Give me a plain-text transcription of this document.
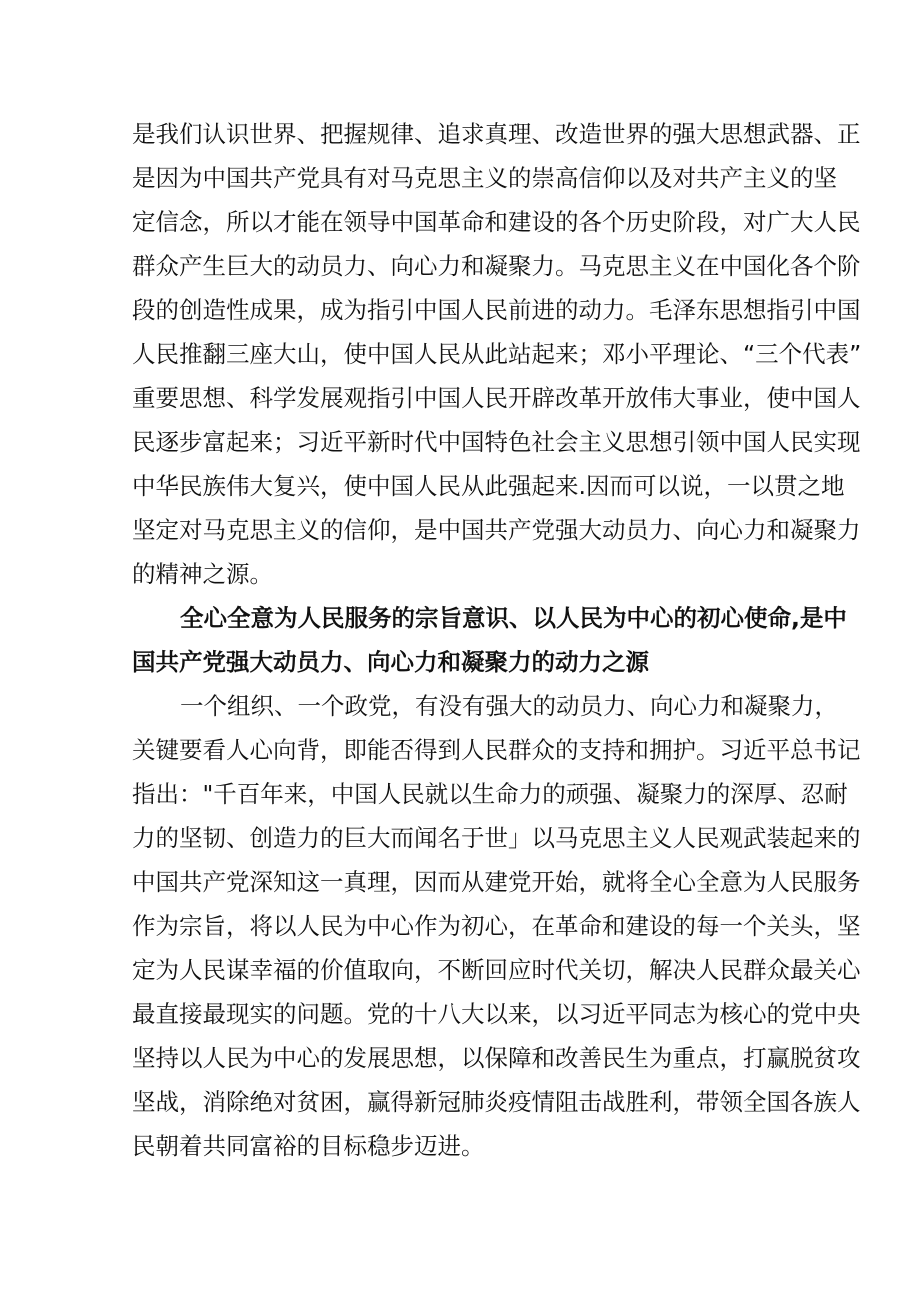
是我们认识世界、把握规律、追求真理、改造世界的强大思想武器、正
是因为中国共产党具有对马克思主义的崇高信仰以及对共产主义的坚
定信念，所以才能在领导中国革命和建设的各个历史阶段，对广大人民
群众产生巨大的动员力、向心力和凝聚力。马克思主义在中国化各个阶
段的创造性成果，成为指引中国人民前进的动力。毛泽东思想指引中国
人民推翻三座大山，使中国人民从此站起来；邓小平理论、“三个代表”
重要思想、科学发展观指引中国人民开辟改革开放伟大事业，使中国人
民逐步富起来；习近平新时代中国特色社会主义思想引领中国人民实现
中华民族伟大复兴，使中国人民从此强起来.因而可以说，一以贯之地
坚定对马克思主义的信仰，是中国共产党强大动员力、向心力和凝聚力
的精神之源。
全心全意为人民服务的宗旨意识、以人民为中心的初心使命,是中
国共产党强大动员力、向心力和凝聚力的动力之源
一个组织、一个政党，有没有强大的动员力、向心力和凝聚力，
关键要看人心向背，即能否得到人民群众的支持和拥护。习近平总书记
指出："千百年来，中国人民就以生命力的顽强、凝聚力的深厚、忍耐
力的坚韧、创造力的巨大而闻名于世」以马克思主义人民观武装起来的
中国共产党深知这一真理，因而从建党开始，就将全心全意为人民服务
作为宗旨，将以人民为中心作为初心，在革命和建设的每一个关头，坚
定为人民谋幸福的价值取向，不断回应时代关切，解决人民群众最关心
最直接最现实的问题。党的十八大以来，以习近平同志为核心的党中央
坚持以人民为中心的发展思想，以保障和改善民生为重点，打赢脱贫攻
坚战，消除绝对贫困，赢得新冠肺炎疫情阻击战胜利，带领全国各族人
民朝着共同富裕的目标稳步迈进。
